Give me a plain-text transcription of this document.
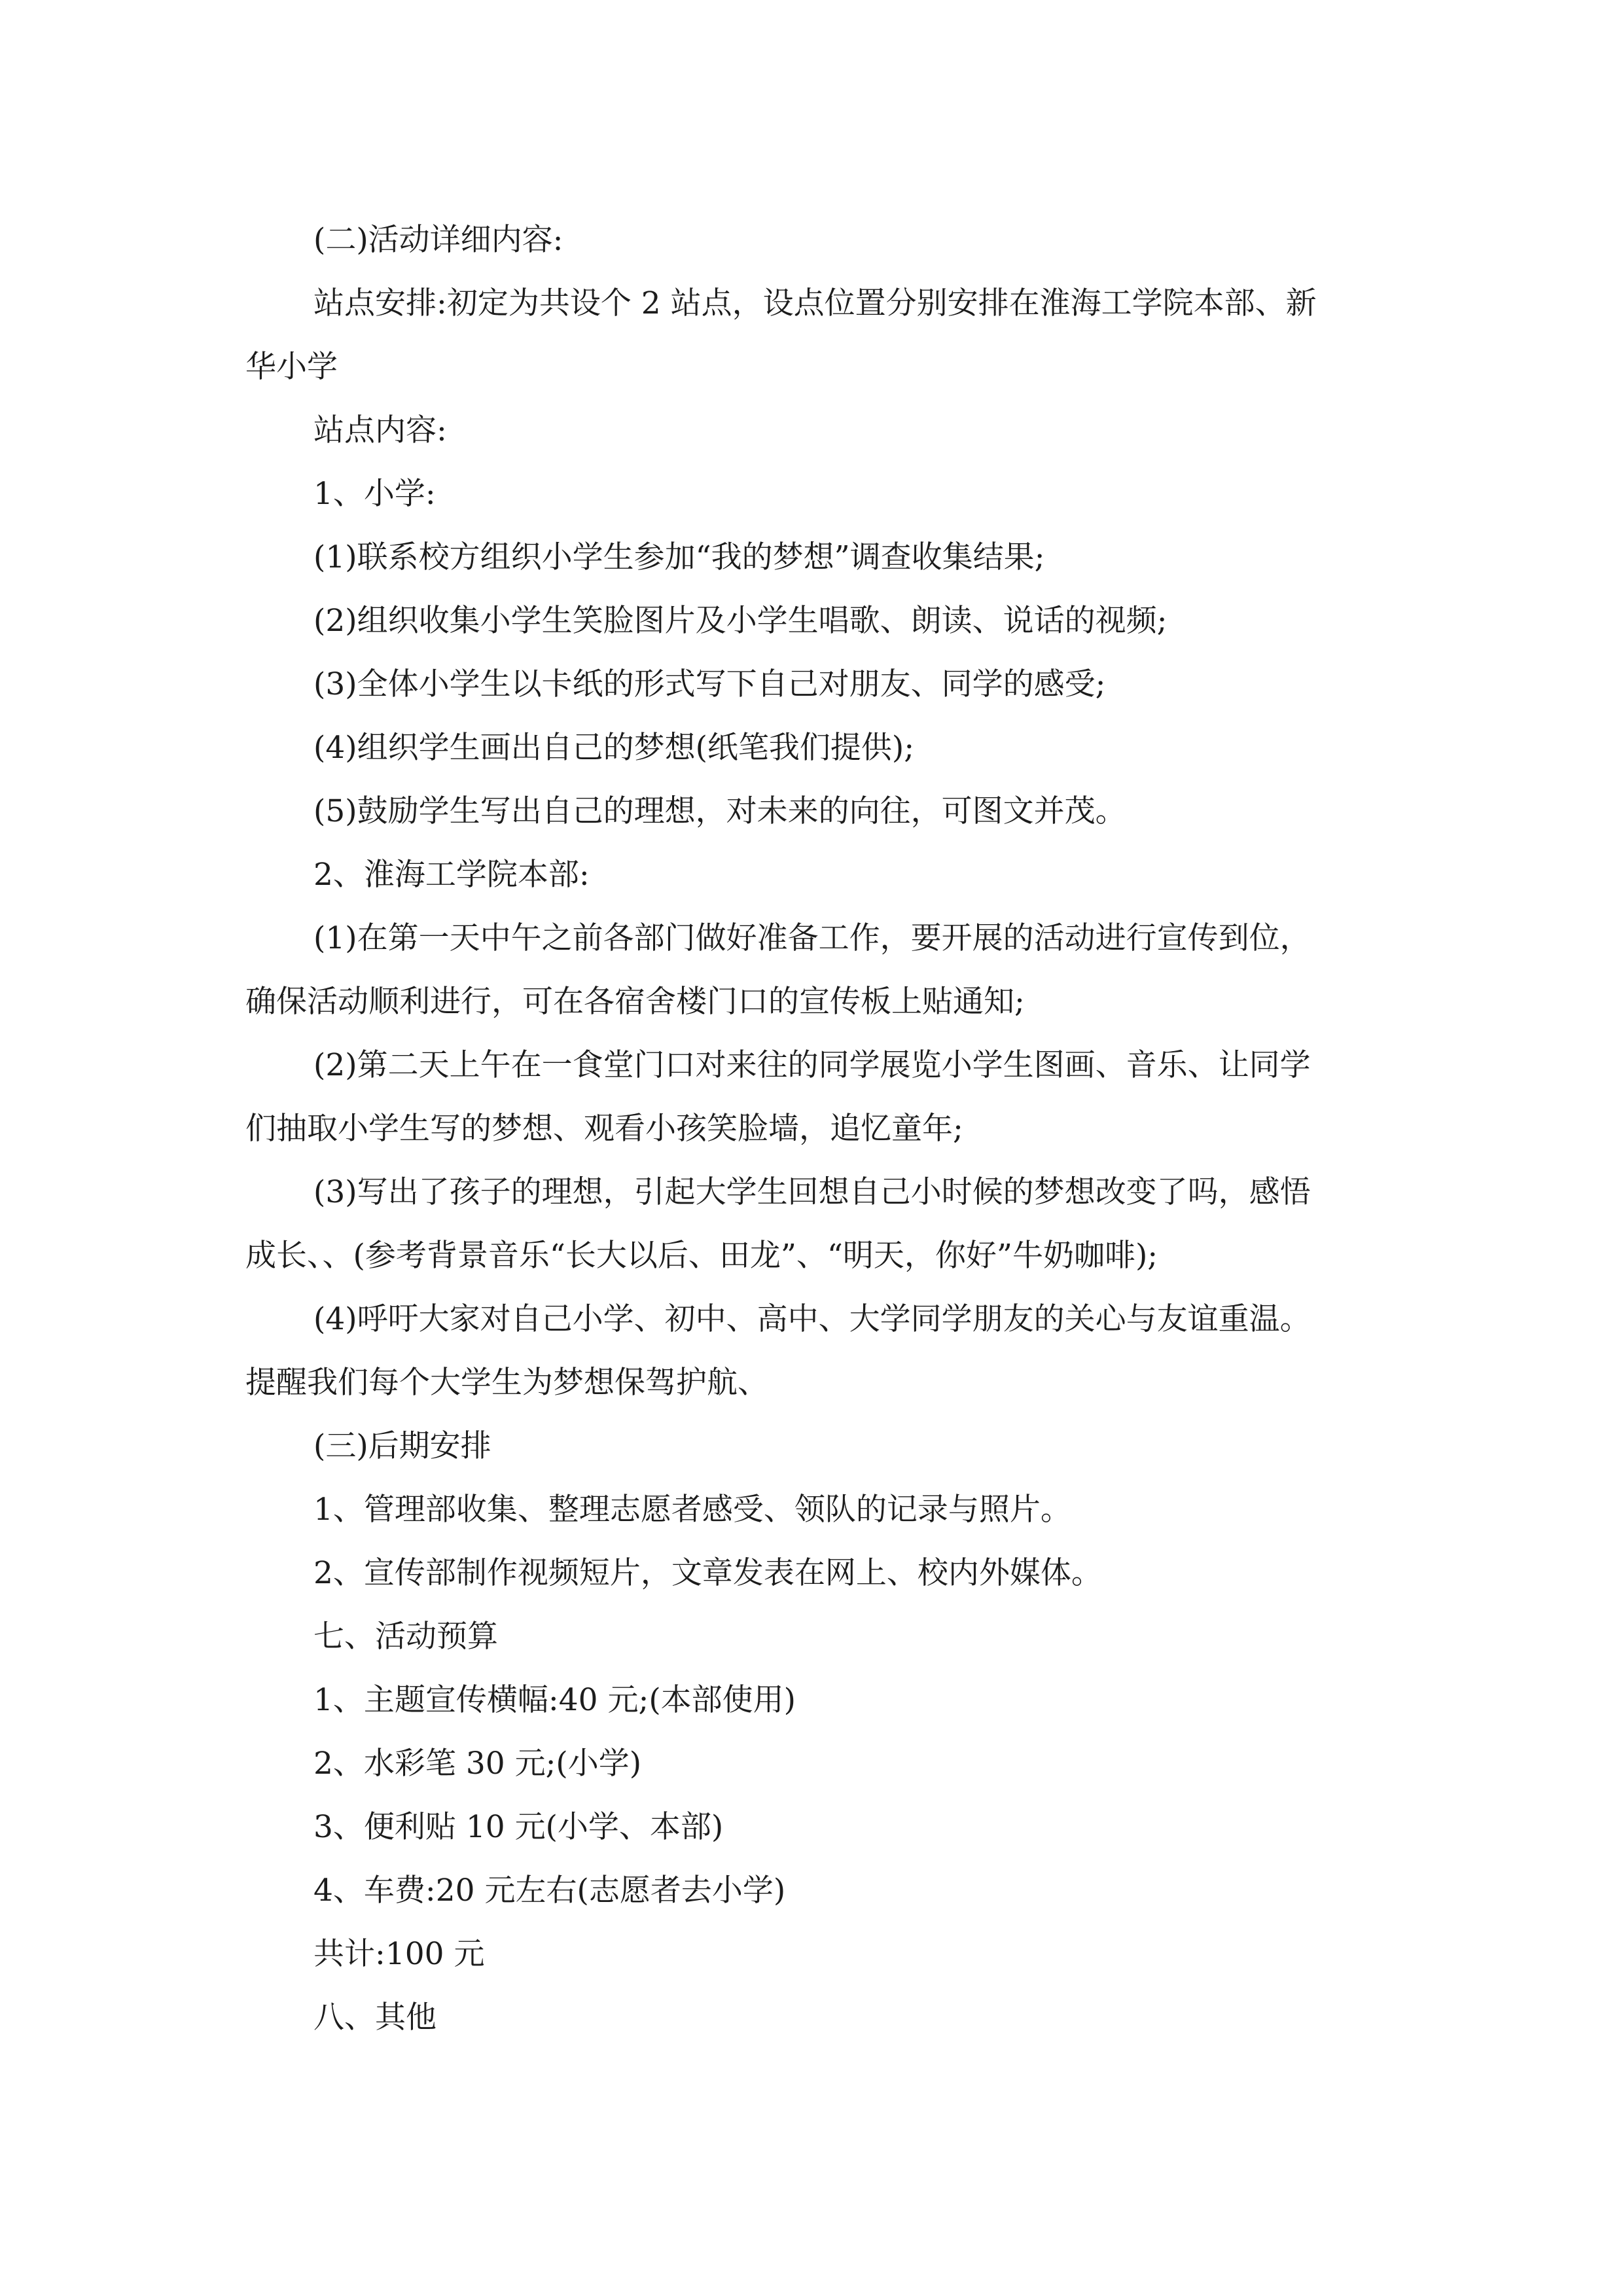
(二)活动详细内容:

站点安排:初定为共设个 2 站点，设点位置分别安排在淮海工学院本部、新

华小学

站点内容:

1、小学:

(1)联系校方组织小学生参加“我的梦想”调查收集结果;

(2)组织收集小学生笑脸图片及小学生唱歌、朗读、说话的视频;

(3)全体小学生以卡纸的形式写下自己对朋友、同学的感受;

(4)组织学生画出自己的梦想(纸笔我们提供);

(5)鼓励学生写出自己的理想，对未来的向往，可图文并茂。

2、淮海工学院本部:

(1)在第一天中午之前各部门做好准备工作，要开展的活动进行宣传到位，

确保活动顺利进行，可在各宿舍楼门口的宣传板上贴通知;

(2)第二天上午在一食堂门口对来往的同学展览小学生图画、音乐、让同学

们抽取小学生写的梦想、观看小孩笑脸墙，追忆童年;

(3)写出了孩子的理想，引起大学生回想自己小时候的梦想改变了吗，感悟

成长、、(参考背景音乐“长大以后、田龙”、“明天，你好”牛奶咖啡);

(4)呼吁大家对自己小学、初中、高中、大学同学朋友的关心与友谊重温。

提醒我们每个大学生为梦想保驾护航、

(三)后期安排

1、管理部收集、整理志愿者感受、领队的记录与照片。

2、宣传部制作视频短片，文章发表在网上、校内外媒体。

七、活动预算

1、主题宣传横幅:40 元;(本部使用)

2、水彩笔 30 元;(小学)

3、便利贴 10 元(小学、本部)

4、车费:20 元左右(志愿者去小学)

共计:100 元

八、其他
